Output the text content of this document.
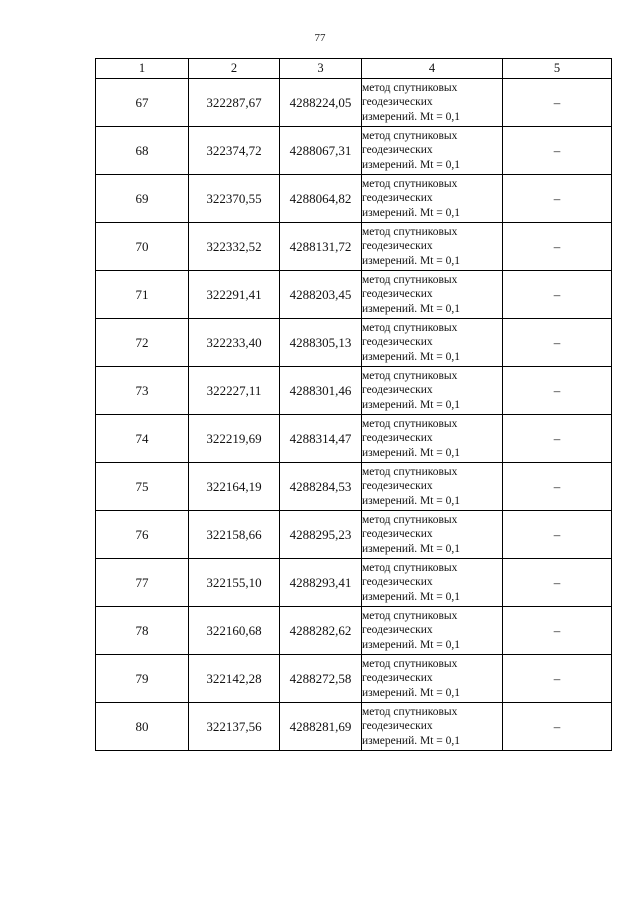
77
1	2	3	4	5
67	322287,67	4288224,05	метод спутниковых
геодезических
измерений. Mt = 0,1	–
68	322374,72	4288067,31	метод спутниковых
геодезических
измерений. Mt = 0,1	–
69	322370,55	4288064,82	метод спутниковых
геодезических
измерений. Mt = 0,1	–
70	322332,52	4288131,72	метод спутниковых
геодезических
измерений. Mt = 0,1	–
71	322291,41	4288203,45	метод спутниковых
геодезических
измерений. Mt = 0,1	–
72	322233,40	4288305,13	метод спутниковых
геодезических
измерений. Mt = 0,1	–
73	322227,11	4288301,46	метод спутниковых
геодезических
измерений. Mt = 0,1	–
74	322219,69	4288314,47	метод спутниковых
геодезических
измерений. Mt = 0,1	–
75	322164,19	4288284,53	метод спутниковых
геодезических
измерений. Mt = 0,1	–
76	322158,66	4288295,23	метод спутниковых
геодезических
измерений. Mt = 0,1	–
77	322155,10	4288293,41	метод спутниковых
геодезических
измерений. Mt = 0,1	–
78	322160,68	4288282,62	метод спутниковых
геодезических
измерений. Mt = 0,1	–
79	322142,28	4288272,58	метод спутниковых
геодезических
измерений. Mt = 0,1	–
80	322137,56	4288281,69	метод спутниковых
геодезических
измерений. Mt = 0,1	–
